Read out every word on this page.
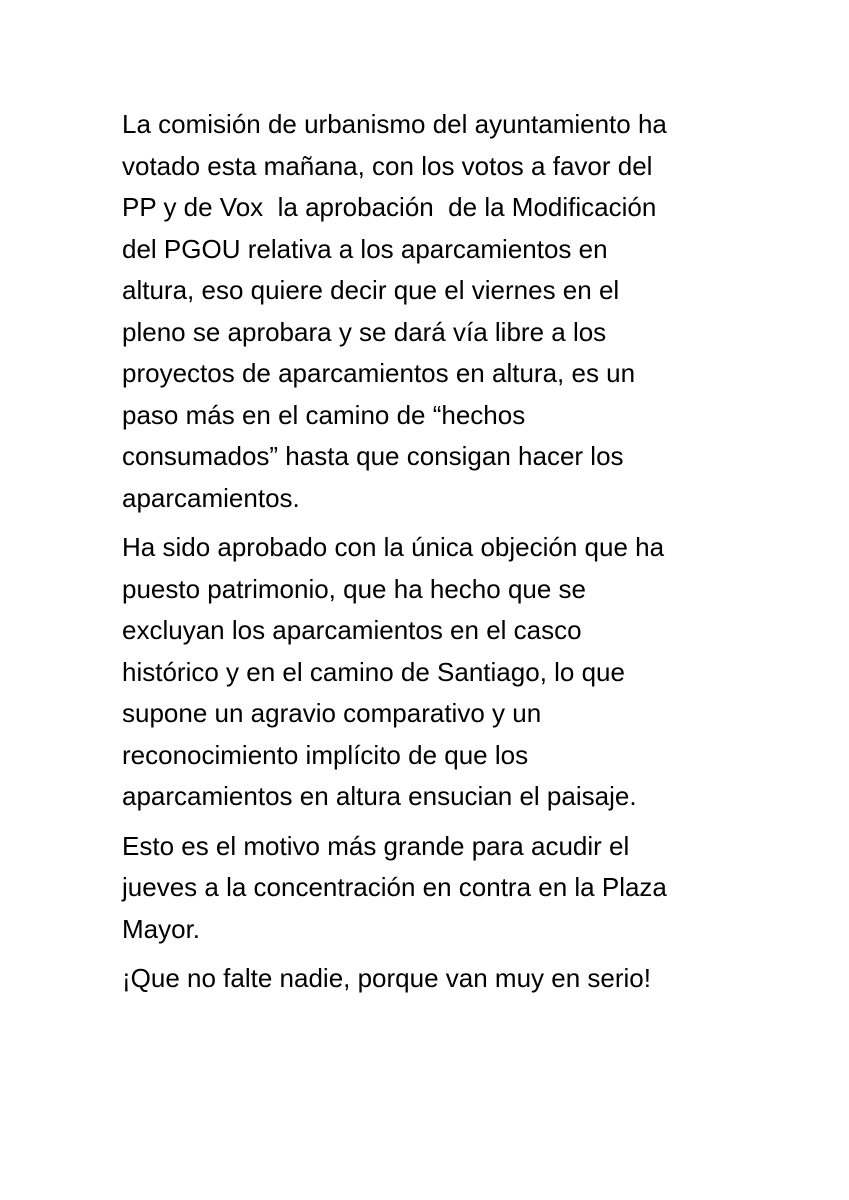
La comisión de urbanismo del ayuntamiento ha
votado esta mañana, con los votos a favor del
PP y de Vox  la aprobación  de la Modificación
del PGOU relativa a los aparcamientos en
altura, eso quiere decir que el viernes en el
pleno se aprobara y se dará vía libre a los
proyectos de aparcamientos en altura, es un
paso más en el camino de “hechos
consumados” hasta que consigan hacer los
aparcamientos.

Ha sido aprobado con la única objeción que ha
puesto patrimonio, que ha hecho que se
excluyan los aparcamientos en el casco
histórico y en el camino de Santiago, lo que
supone un agravio comparativo y un
reconocimiento implícito de que los
aparcamientos en altura ensucian el paisaje.

Esto es el motivo más grande para acudir el
jueves a la concentración en contra en la Plaza
Mayor.

¡Que no falte nadie, porque van muy en serio!
